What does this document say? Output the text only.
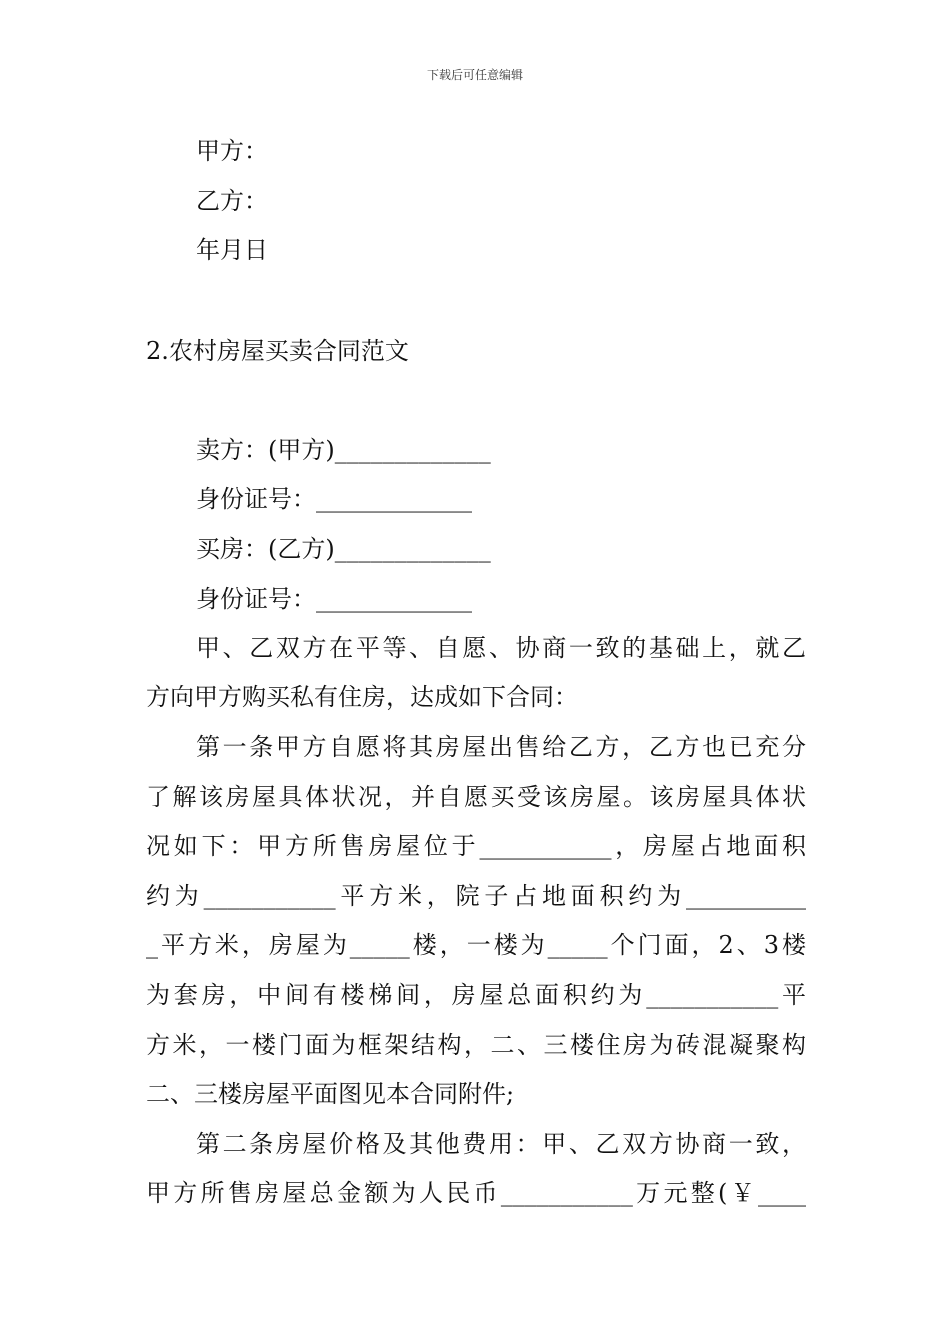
下载后可任意编辑
甲方：
乙方：
年月日
2.农村房屋买卖合同范文
卖方：(甲方)_____________
身份证号：_____________
买房：(乙方)_____________
身份证号：_____________
甲、乙双方在平等、自愿、协商一致的基础上，就乙
方向甲方购买私有住房，达成如下合同：
第一条甲方自愿将其房屋出售给乙方，乙方也已充分
了解该房屋具体状况，并自愿买受该房屋。该房屋具体状
况如下：甲方所售房屋位于___________，房屋占地面积
约为___________平方米，院子占地面积约为__________
_平方米，房屋为_____楼，一楼为_____个门面，2、3楼
为套房，中间有楼梯间，房屋总面积约为___________平
方米，一楼门面为框架结构，二、三楼住房为砖混凝聚构
二、三楼房屋平面图见本合同附件;
第二条房屋价格及其他费用：甲、乙双方协商一致，
甲方所售房屋总金额为人民币___________万元整(￥____
